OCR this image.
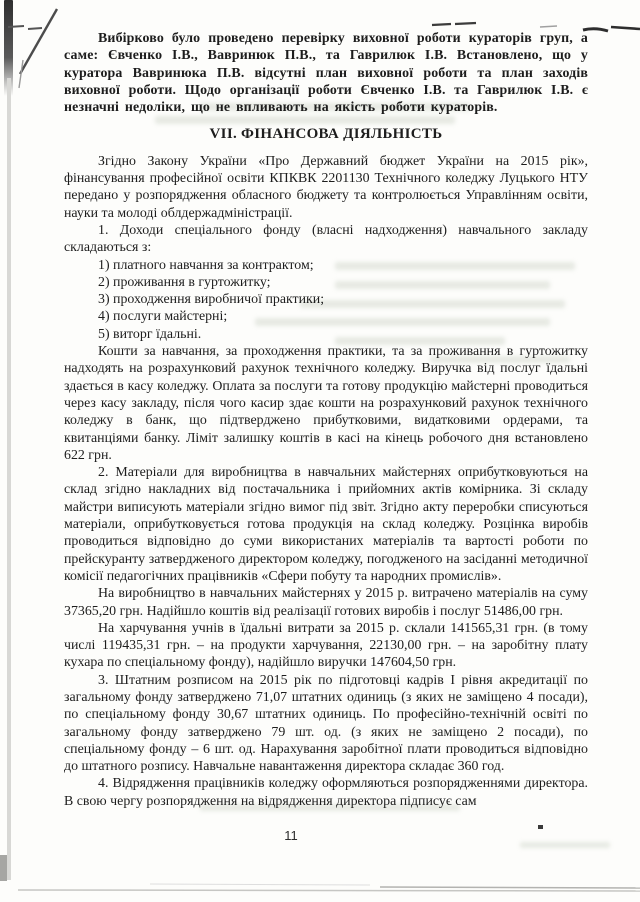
Вибірково було проведено перевірку виховної роботи кураторів груп, а саме: Євченко І.В., Вавринюк П.В., та Гаврилюк І.В. Встановлено, що у куратора Вавринюка П.В. відсутні план виховної роботи та план заходів виховної роботи. Щодо організації роботи Євченко І.В. та Гаврилюк І.В. є незначні недоліки, що не впливають на якість роботи кураторів.

VII. ФІНАНСОВА ДІЯЛЬНІСТЬ

Згідно Закону України «Про Державний бюджет України на 2015 рік», фінансування професійної освіти КПКВК 2201130 Технічного коледжу Луцького НТУ передано у розпорядження обласного бюджету та контролюється Управлінням освіти, науки та молоді облдержадміністрації.

1. Доходи спеціального фонду (власні надходження) навчального закладу складаються з:

1) платного навчання за контрактом;
2) проживання в гуртожитку;
3) проходження виробничої практики;
4) послуги майстерні;
5) виторг їдальні.

Кошти за навчання, за проходження практики, та за проживання в гуртожитку надходять на розрахунковий рахунок технічного коледжу. Виручка від послуг їдальні здається в касу коледжу. Оплата за послуги та готову продукцію майстерні проводиться через касу закладу, після чого касир здає кошти на розрахунковий рахунок технічного коледжу в банк, що підтверджено прибутковими, видатковими ордерами, та квитанціями банку. Ліміт залишку коштів в касі на кінець робочого дня встановлено 622 грн.

2. Матеріали для виробництва в навчальних майстернях оприбутковуються на склад згідно накладних від постачальника і прийомних актів комірника. Зі складу майстри виписують матеріали згідно вимог під звіт. Згідно акту переробки списуються матеріали, оприбутковується готова продукція на склад коледжу. Розцінка виробів проводиться відповідно до суми використаних матеріалів та вартості роботи по прейскуранту затвердженого директором коледжу, погодженого на засіданні методичної комісії педагогічних працівників «Сфери побуту та народних промислів».

На виробництво в навчальних майстернях у 2015 р. витрачено матеріалів на суму 37365,20 грн. Надійшло коштів від реалізації готових виробів і послуг 51486,00 грн.

На харчування учнів в їдальні витрати за 2015 р. склали 141565,31 грн. (в тому числі 119435,31 грн. – на продукти харчування, 22130,00 грн. – на заробітну плату кухара по спеціальному фонду), надійшло виручки 147604,50 грн.

3. Штатним розписом на 2015 рік по підготовці кадрів І рівня акредитації по загальному фонду затверджено 71,07 штатних одиниць (з яких не заміщено 4 посади), по спеціальному фонду 30,67 штатних одиниць. По професійно-технічній освіті по загальному фонду затверджено 79 шт. од. (з яких не заміщено 2 посади), по спеціальному фонду – 6 шт. од. Нарахування заробітної плати проводиться відповідно до штатного розпису. Навчальне навантаження директора складає 360 год.

4. Відрядження працівників коледжу оформляються розпорядженнями директора. В свою чергу розпорядження на відрядження директора підписує сам

11
